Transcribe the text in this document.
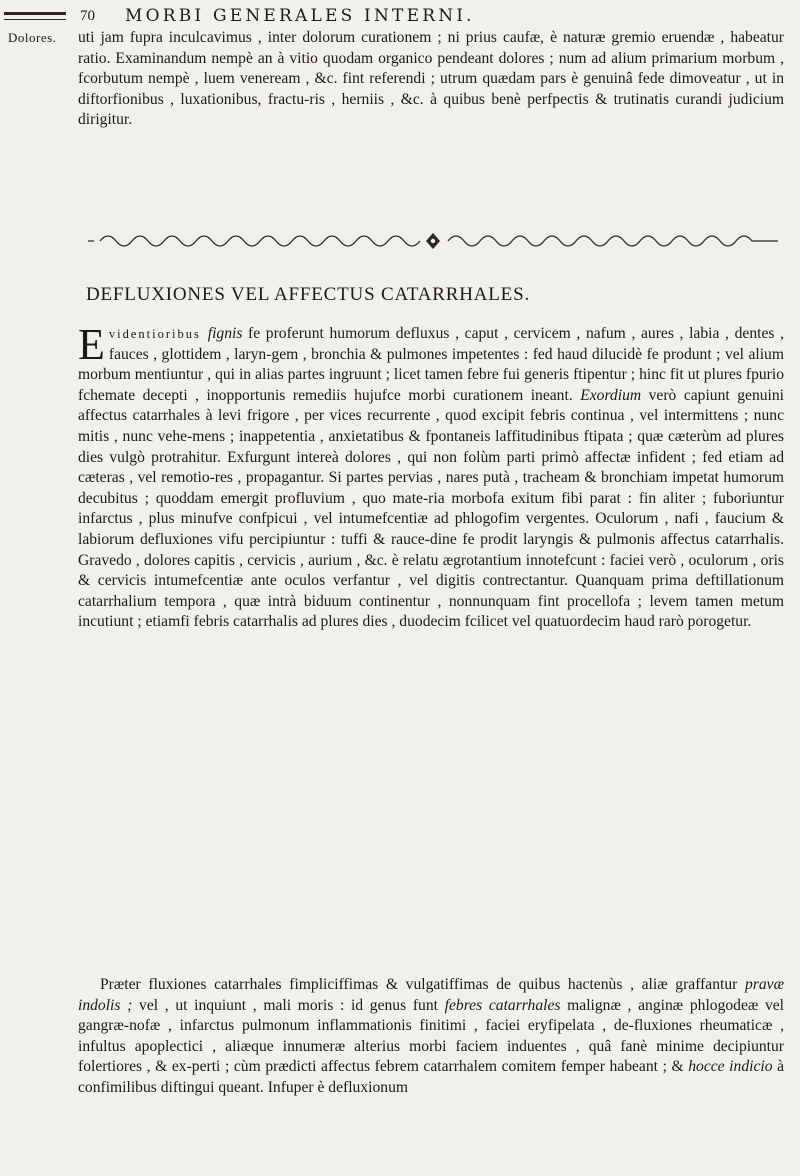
Dolores.
70 MORBI GENERALES INTERNI.
uti jam fupra inculcavimus , inter dolorum curationem ; ni prius caufæ, è naturæ gremio eruendæ , habeatur ratio. Examinandum nempè an à vitio quodam organico pendeant dolores ; num ad alium primarium morbum , fcorbutum nempè , luem veneream , &c. fint referendi ; utrum quædam pars è genuinâ fede dimoveatur , ut in diftorfionibus , luxationibus, fractu-ris , herniis , &c. à quibus benè perfpectis & trutinatis curandi judicium dirigitur.
DEFLUXIONES VEL AFFECTUS CATARRHALES.
E videntioribus fignis fe proferunt humorum defluxus , caput , cervicem , nafum , aures , labia , dentes , fauces , glottidem , laryn-gem , bronchia & pulmones impetentes : fed haud dilucidè fe produnt ; vel alium morbum mentiuntur , qui in alias partes ingruunt ; licet tamen febre fui generis ftipentur ; hinc fit ut plures fpurio fchemate decepti , inopportunis remediis hujufce morbi curationem ineant. Exordium verò capiunt genuini affectus catarrhales à levi frigore , per vices recurrente , quod excipit febris continua , vel intermittens ; nunc mitis , nunc vehe-mens ; inappetentia , anxietatibus & fpontaneis laffitudinibus ftipata ; quæ cæterùm ad plures dies vulgò protrahitur. Exfurgunt intereà dolores , qui non folùm parti primò affectæ infident ; fed etiam ad cæteras , vel remotio-res , propagantur. Si partes pervias , nares putà , tracheam & bronchiam impetat humorum decubitus ; quoddam emergit profluvium , quo mate-ria morbofa exitum fibi parat : fin aliter ; fuboriuntur infarctus , plus minufve confpicui , vel intumefcentiæ ad phlogofim vergentes. Oculorum , nafi , faucium & labiorum defluxiones vifu percipiuntur : tuffi & rauce-dine fe prodit laryngis & pulmonis affectus catarrhalis. Gravedo , dolores capitis , cervicis , aurium , &c. è relatu ægrotantium innotefcunt : faciei verò , oculorum , oris & cervicis intumefcentiæ ante oculos verfantur , vel digitis contrectantur. Quanquam prima deftillationum catarrhalium tempora , quæ intrà biduum continentur , nonnunquam fint procellofa ; levem tamen metum incutiunt ; etiamfi febris catarrhalis ad plures dies , duodecim fcilicet vel quatuordecim haud rarò porogetur.
Præter fluxiones catarrhales fimpliciffimas & vulgatiffimas de quibus hactenùs , aliæ graffantur pravæ indolis ; vel , ut inquiunt , mali moris : id genus funt febres catarrhales malignæ , anginæ phlogodeæ vel gangræ-nofæ , infarctus pulmonum inflammationis finitimi , faciei eryfipelata , de-fluxiones rheumaticæ , infultus apoplectici , aliæque innumeræ alterius morbi faciem induentes , quâ fanè minime decipiuntur folertiores , & ex-perti ; cùm prædicti affectus febrem catarrhalem comitem femper habeant ; & hocce indicio à confimilibus diftingui queant. Infuper è defluxionum
